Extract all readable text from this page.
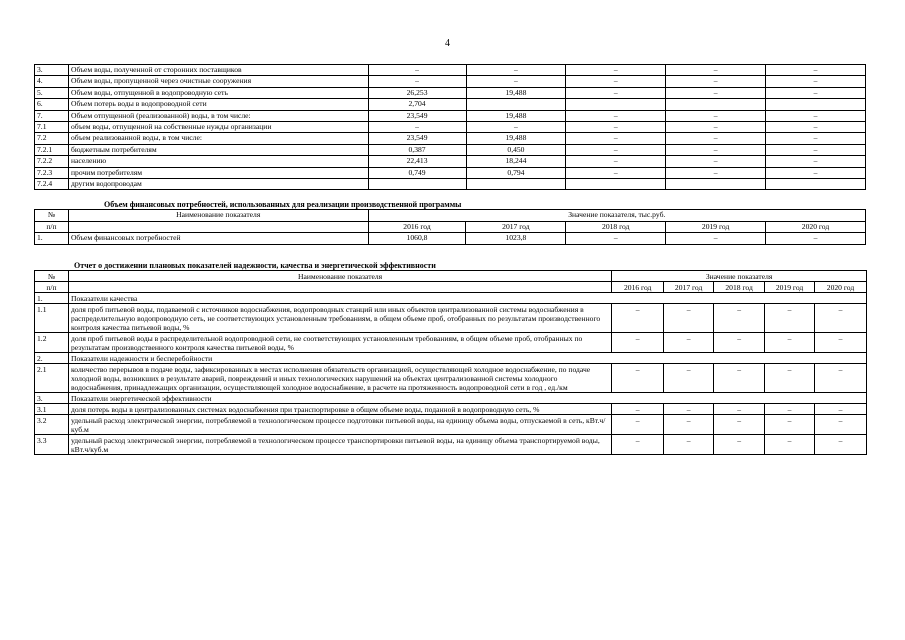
4
3.	Объем воды, полученной от сторонних поставщиков	–	–	–	–	–
4.	Объем воды, пропущенной через очистные сооружения	–	–	–	–	–
5.	Объем воды, отпущенной в водопроводную сеть	26,253	19,488	–	–	–
6.	Объем потерь воды в водопроводной сети	2,704				
7.	Объем отпущенной (реализованной) воды, в том числе:	23,549	19,488	–	–	–
7.1	объем воды, отпущенной на собственные нужды организации	–	–	–	–	–
7.2	объем реализованной воды, в том числе:	23,549	19,488	–	–	–
7.2.1	бюджетным потребителям	0,387	0,450	–	–	–
7.2.2	населению	22,413	18,244	–	–	–
7.2.3	прочим потребителям	0,749	0,794	–	–	–
7.2.4	другим водопроводам					
Объем финансовых потребностей, использованных для реализации производственной программы
№	Наименование показателя	Значение показателя, тыс.руб.				
п/п		2016 год	2017 год	2018 год	2019 год	2020 год
1.	Объем финансовых потребностей	1060,8	1023,8	–	–	–
Отчет о достижении плановых показателей надежности, качества и энергетической эффективности
№	Наименование показателя	Значение показателя				
п/п		2016 год	2017 год	2018 год	2019 год	2020 год
1.	Показатели качества					
1.1	доля проб питьевой воды, подаваемой с источников водоснабжения, водопроводных станций или иных объектов централизованной системы водоснабжения в распределительную водопроводную сеть, не соответствующих установленным требованиям, в общем объеме проб, отобранных по результатам производственного контроля качества питьевой воды, %	–	–	–	–	–
1.2	доля проб питьевой воды в распределительной водопроводной сети, не соответствующих установленным требованиям, в общем объеме проб, отобранных по результатам производственного контроля качества питьевой воды, %	–	–	–	–	–
2.	Показатели надежности и бесперебойности					
2.1	количество перерывов в подаче воды, зафиксированных в местах исполнения обязательств организацией, осуществляющей холодное водоснабжение, по подаче холодной воды, возникших в результате аварий, повреждений и иных технологических нарушений на объектах централизованной системы холодного водоснабжения, принадлежащих организации, осуществляющей холодное водоснабжение, в расчете на протяженность водопроводной сети в год , ед./км	–	–	–	–	–
3.	Показатели энергетической эффективности					
3.1	доля потерь воды в централизованных системах водоснабжения при транспортировке в общем объеме воды, поданной в водопроводную сеть, %	–	–	–	–	–
3.2	удельный расход электрической энергии, потребляемой в технологическом процессе подготовки питьевой воды, на единицу объема воды, отпускаемой в сеть, кВт.ч/куб.м	–	–	–	–	–
3.3	удельный расход электрической энергии, потребляемой в технологическом процессе транспортировки питьевой воды, на единицу объема транспортируемой воды, кВт.ч/куб.м	–	–	–	–	–
